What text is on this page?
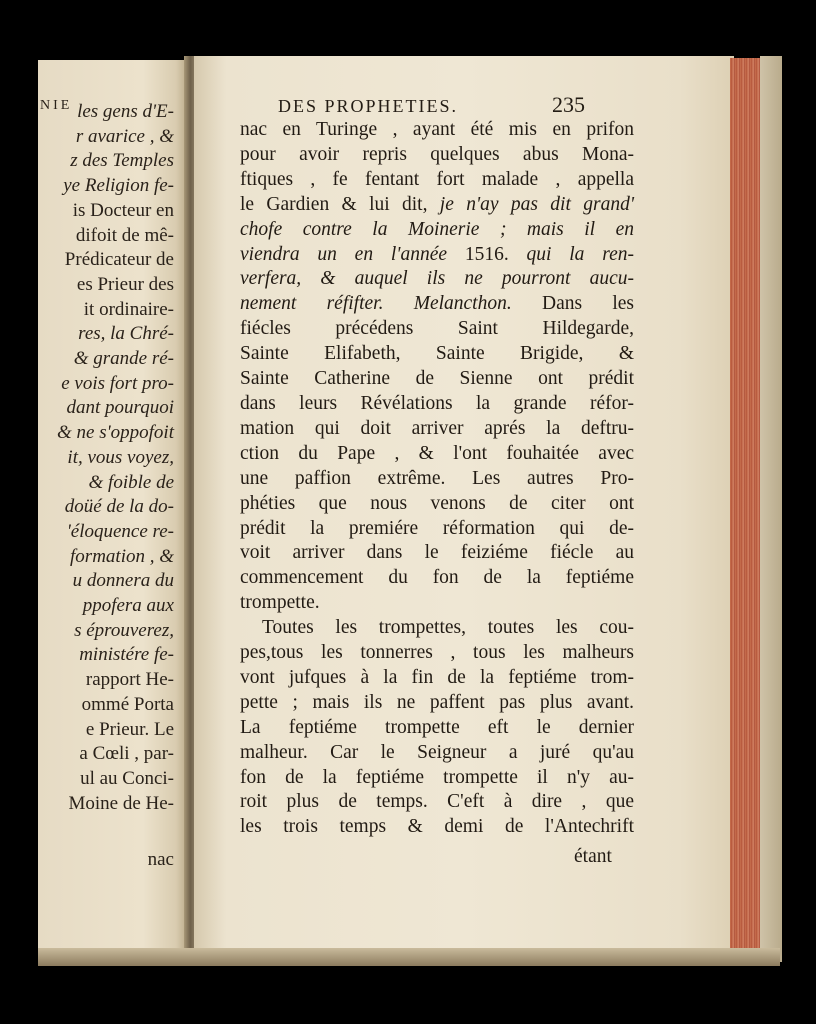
NIE les gens d'E-
r avarice , &
z des Temples
ye Religion fe-
is Docteur en
difoit de mê-
Prédicateur de
es Prieur des
it ordinaire-
res, la Chré-
& grande ré-
e vois fort pro-
dant pourquoi
& ne s'oppofoit
it, vous voyez,
& foible de
doüé de la do-
'éloquence re-
formation , &
u donnera du
ppofera aux
s éprouverez,
ministére fe-
rapport He-
ommé Porta
e Prieur. Le
a Cœli , par-
ul au Conci-
Moine de He-
nac
DES PROPHETIES.	235
nac en Turinge , ayant été mis en prifon
pour avoir repris quelques abus Mona-
ftiques , fe fentant fort malade , appella
le Gardien & lui dit, je n'ay pas dit grand'
chofe contre la Moinerie ; mais il en
viendra un en l'année 1516. qui la ren-
verfera, & auquel ils ne pourront aucu-
nement réfifter. Melancthon. Dans les
fiécles précédens Saint Hildegarde,
Sainte Elifabeth, Sainte Brigide, &
Sainte Catherine de Sienne ont prédit
dans leurs Révélations la grande réfor-
mation qui doit arriver aprés la deftru-
ction du Pape , & l'ont fouhaitée avec
une paffion extrême. Les autres Pro-
phéties que nous venons de citer ont
prédit la premiére réformation qui de-
voit arriver dans le feiziéme fiécle au
commencement du fon de la feptiéme
trompette.
Toutes les trompettes, toutes les cou-
pes,tous les tonnerres , tous les malheurs
vont jufques à la fin de la feptiéme trom-
pette ; mais ils ne paffent pas plus avant.
La feptiéme trompette eft le dernier
malheur. Car le Seigneur a juré qu'au
fon de la feptiéme trompette il n'y au-
roit plus de temps. C'eft à dire , que
les trois temps & demi de l'Antechrift
étant
